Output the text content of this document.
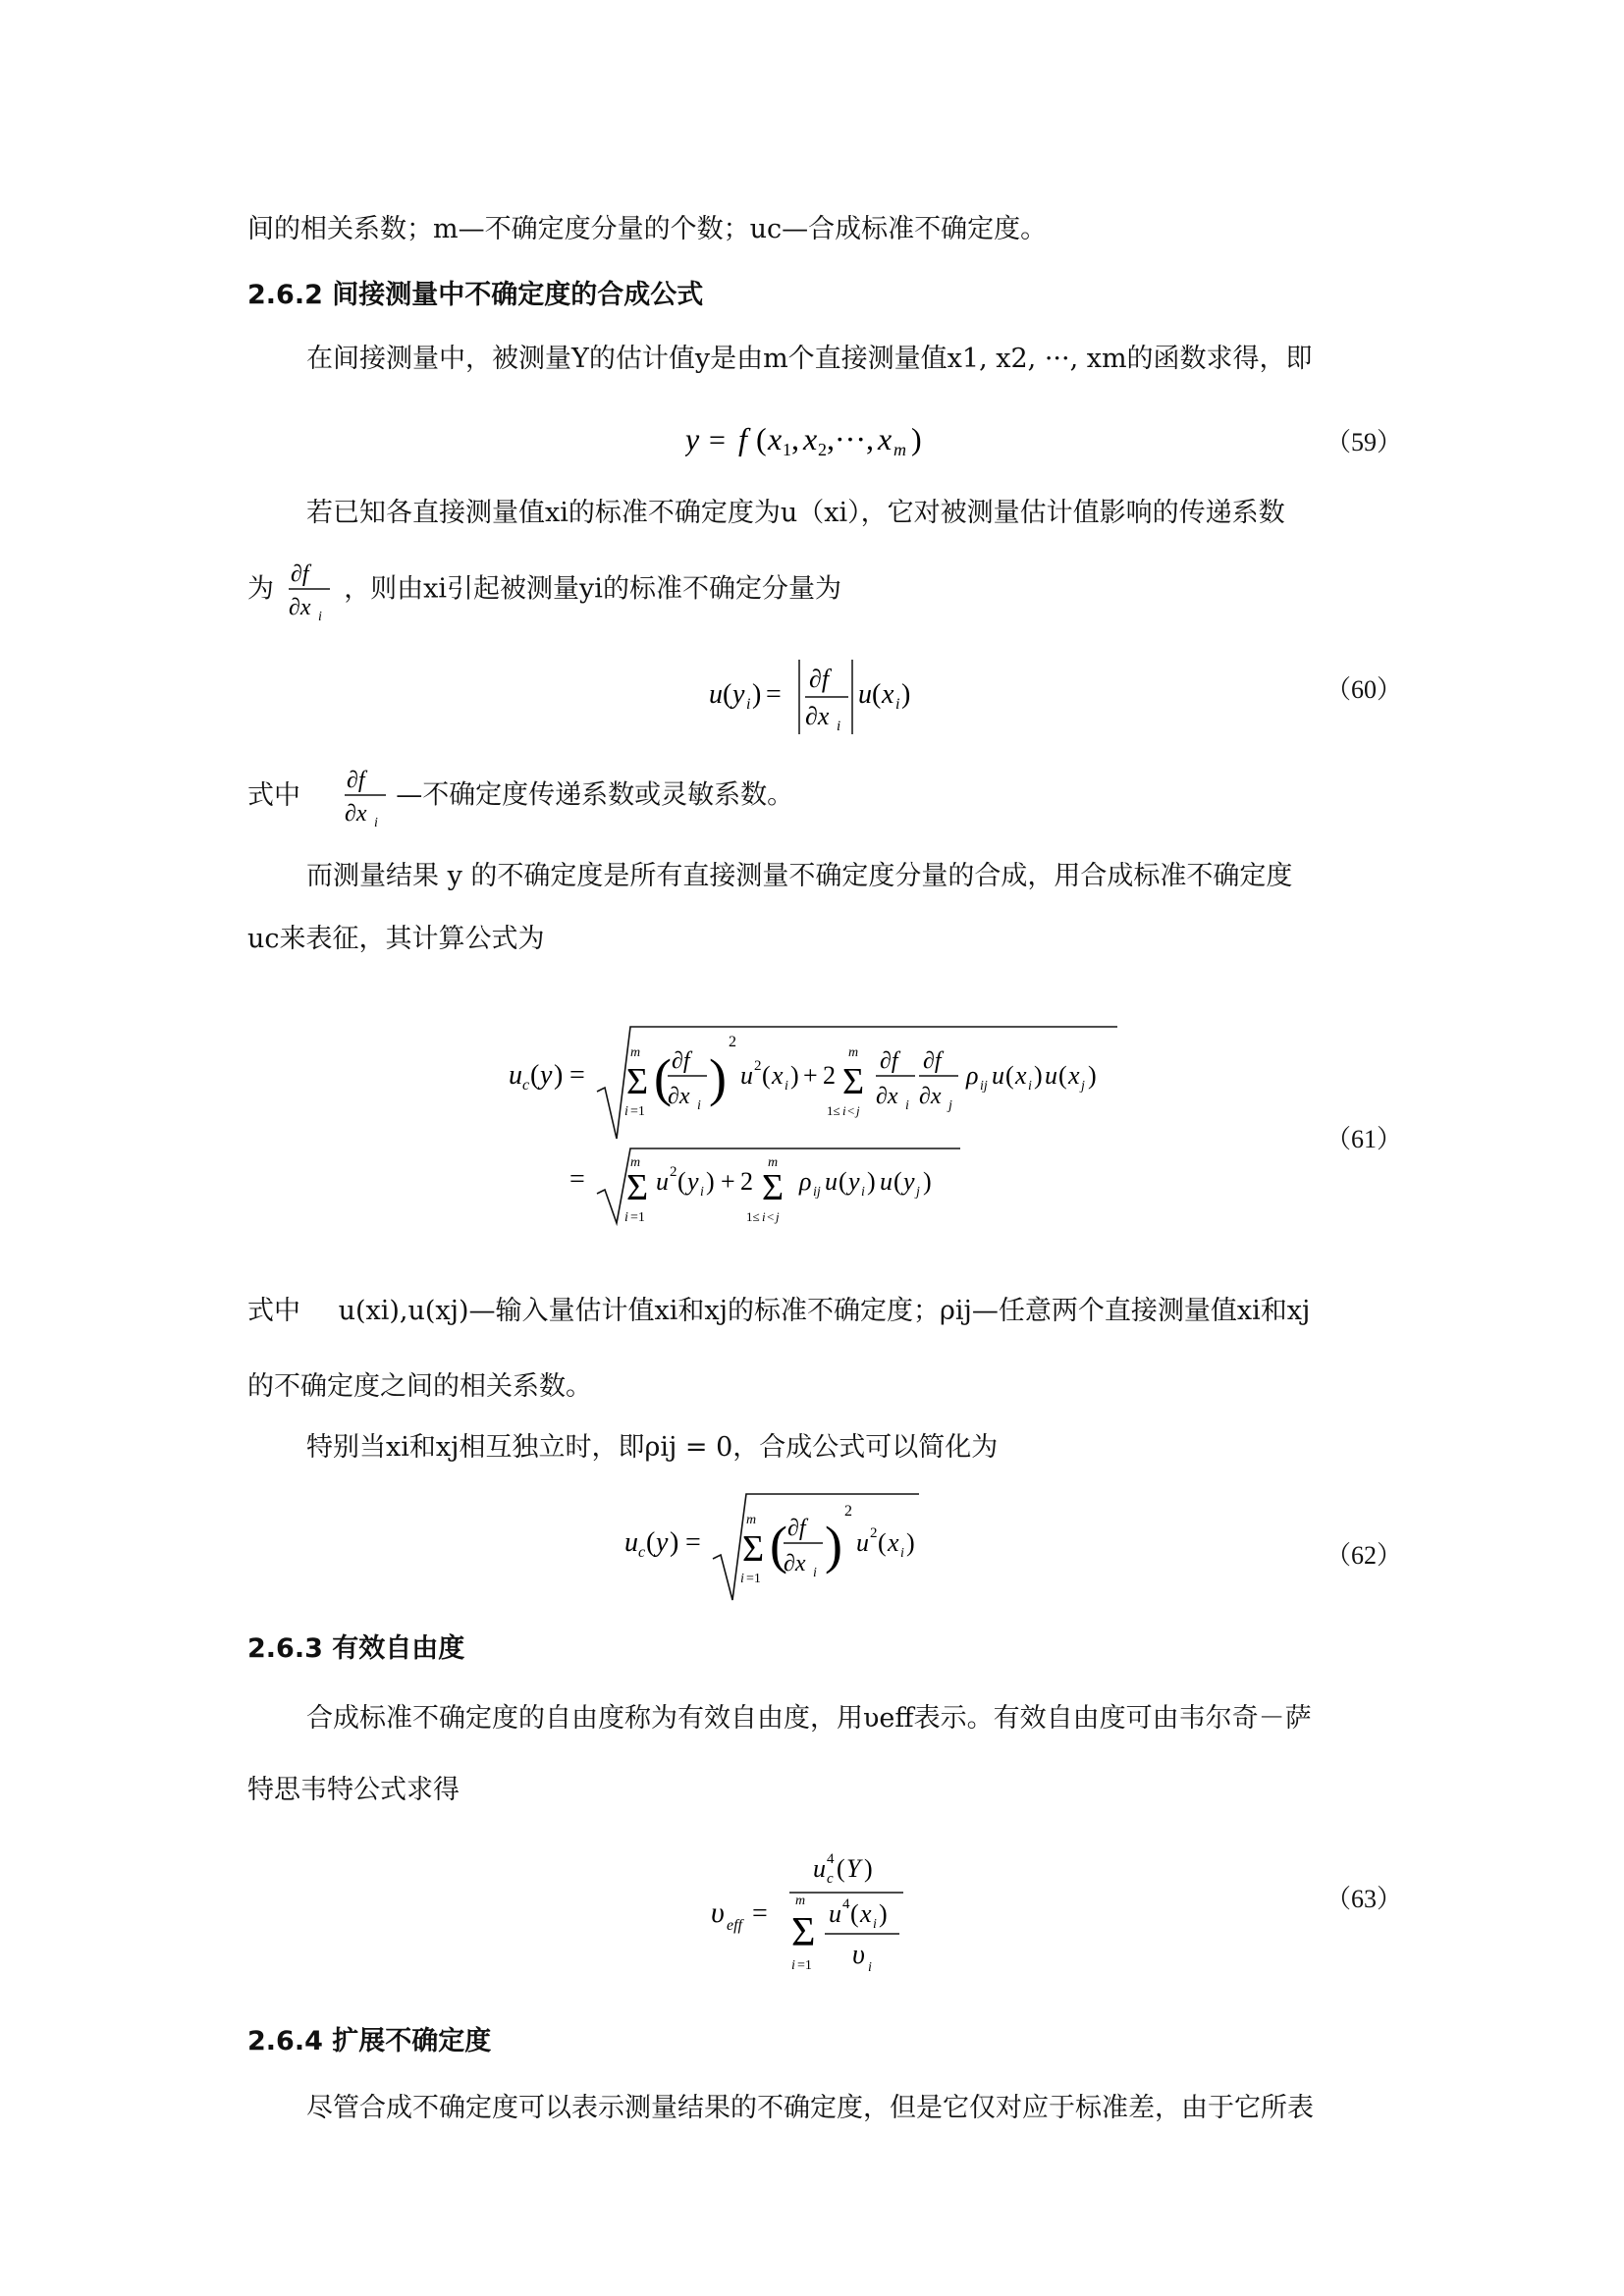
间的相关系数；m—不确定度分量的个数；uc—合成标准不确定度。
2.6.2 间接测量中不确定度的合成公式
在间接测量中，被测量Y的估计值y是由m个直接测量值x1, x2, ···, xm的函数求得，即
y = f ( x 1 , x 2 ,···, x m )	（ 59 ）
若已知各直接测量值xi的标准不确定度为u（xi），它对被测量估计值影响的传递系数
为 ∂f
∂x i
，则由xi引起被测量yi的标准不确定分量为
u ( y i ) =
∂f
∂x i
u ( x i )	（ 60 ）
式中 ∂f
∂x i
—不确定度传递系数或灵敏系数。
而测量结果 y 的不确定度是所有直接测量不确定度分量的合成，用合成标准不确定度
uc来表征，其计算公式为
u c ( y ) =
m
Σ
i =1
( ∂f
∂x i )
2
u 2 ( x i ) + 2
m
Σ
1≤ i < j
∂f
∂x i
∂f
∂x j
ρ ij u ( x i ) u ( x j )
=
m
Σ
i =1
u 2 ( y i ) + 2
m
Σ
1≤ i < j
ρ ij u ( y i ) u ( y j )
（ 61 ）
式中 u(xi),u(xj)—输入量估计值xi和xj的标准不确定度；ρij—任意两个直接测量值xi和xj
的不确定度之间的相关系数。
特别当xi和xj相互独立时，即ρij = 0，合成公式可以简化为
u c ( y ) =
m
Σ
i =1
( ∂f
∂x i )
2
u 2 ( x i )	（ 62 ）
2.6.3 有效自由度
合成标准不确定度的自由度称为有效自由度，用υeff表示。有效自由度可由韦尔奇－萨
特思韦特公式求得
υ eff =
u 4
c ( Y )
m
Σ
i =1
u 4 ( x i )
υ i
（ 63 ）
2.6.4 扩展不确定度
尽管合成不确定度可以表示测量结果的不确定度，但是它仅对应于标准差，由于它所表
